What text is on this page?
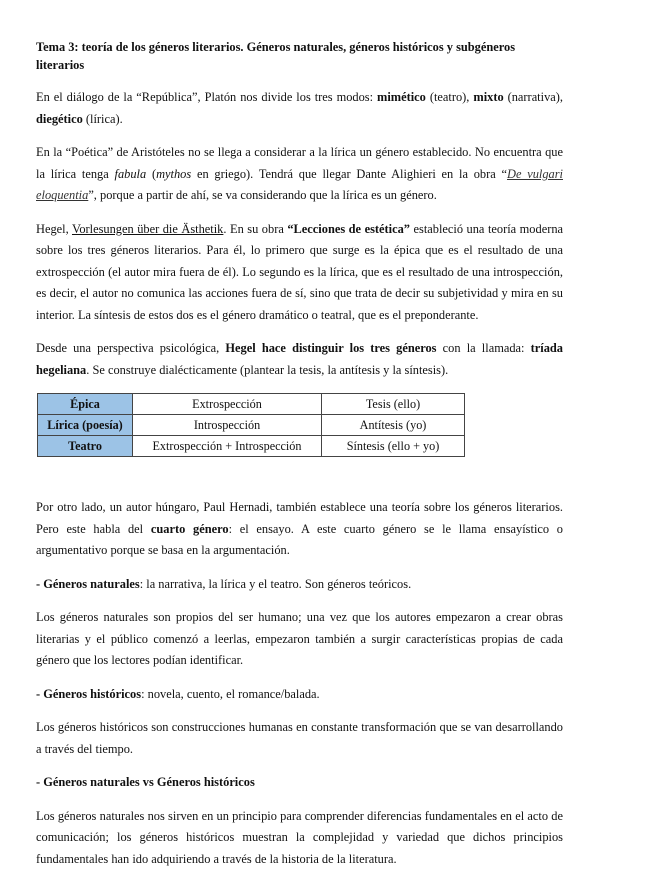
Tema 3: teoría de los géneros literarios. Géneros naturales, géneros históricos y subgéneros literarios

En el diálogo de la “República”, Platón nos divide los tres modos: mimético (teatro), mixto (narrativa), diegético (lírica).

En la “Poética” de Aristóteles no se llega a considerar a la lírica un género establecido. No encuentra que la lírica tenga fabula (mythos en griego). Tendrá que llegar Dante Alighieri en la obra “De vulgari eloquentia”, porque a partir de ahí, se va considerando que la lírica es un género.

Hegel, Vorlesungen über die Ästhetik. En su obra “Lecciones de estética” estableció una teoría moderna sobre los tres géneros literarios. Para él, lo primero que surge es la épica que es el resultado de una extrospección (el autor mira fuera de él). Lo segundo es la lírica, que es el resultado de una introspección, es decir, el autor no comunica las acciones fuera de sí, sino que trata de decir su subjetividad y mira en su interior. La síntesis de estos dos es el género dramático o teatral, que es el preponderante.

Desde una perspectiva psicológica, Hegel hace distinguir los tres géneros con la llamada: tríada hegeliana. Se construye dialécticamente (plantear la tesis, la antítesis y la síntesis).

Épica	Extrospección	Tesis (ello)
Lírica (poesía)	Introspección	Antítesis (yo)
Teatro	Extrospección + Introspección	Síntesis (ello + yo)

Por otro lado, un autor húngaro, Paul Hernadi, también establece una teoría sobre los géneros literarios. Pero este habla del cuarto género: el ensayo. A este cuarto género se le llama ensayístico o argumentativo porque se basa en la argumentación.

- Géneros naturales: la narrativa, la lírica y el teatro. Son géneros teóricos.

Los géneros naturales son propios del ser humano; una vez que los autores empezaron a crear obras literarias y el público comenzó a leerlas, empezaron también a surgir características propias de cada género que los lectores podían identificar.

- Géneros históricos: novela, cuento, el romance/balada.

Los géneros históricos son construcciones humanas en constante transformación que se van desarrollando a través del tiempo.

- Géneros naturales vs Géneros históricos

Los géneros naturales nos sirven en un principio para comprender diferencias fundamentales en el acto de comunicación; los géneros históricos muestran la complejidad y variedad que dichos principios fundamentales han ido adquiriendo a través de la historia de la literatura.
